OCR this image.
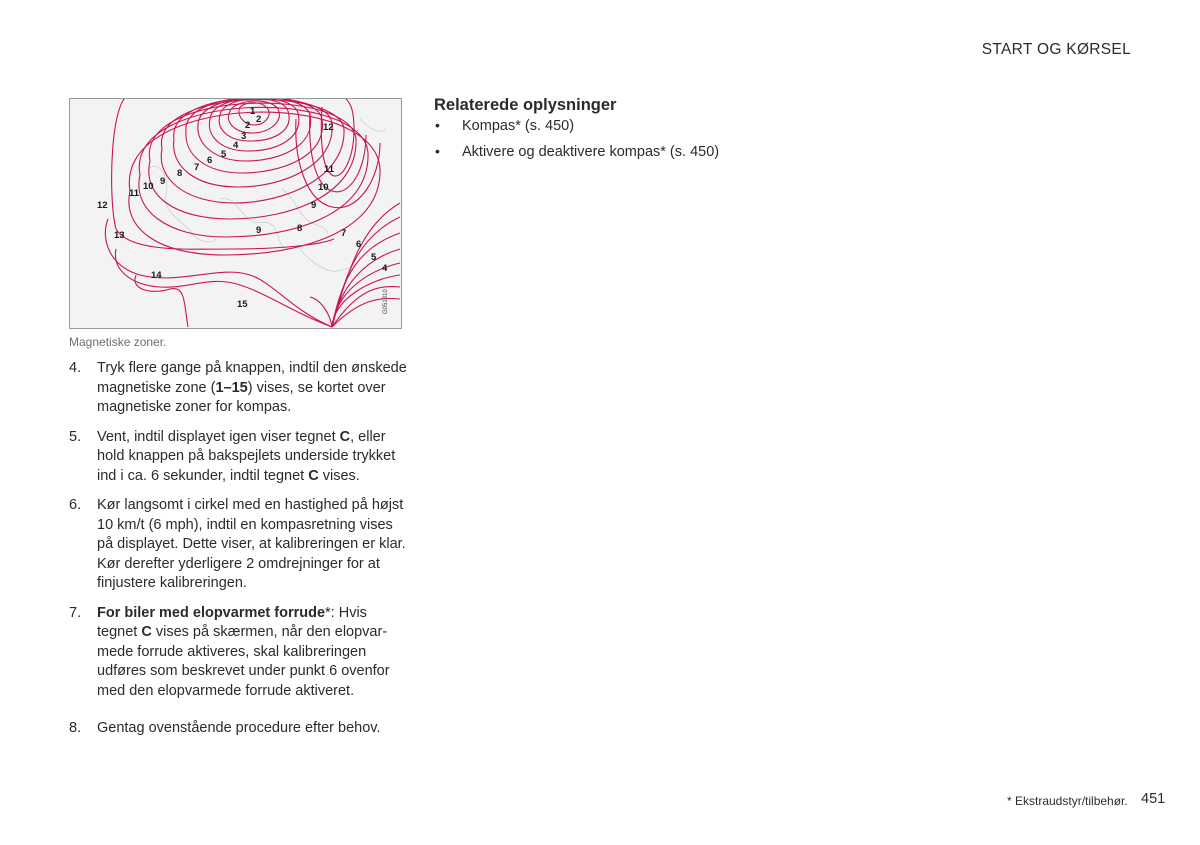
START OG KØRSEL
1
2
2
3
4
5
6
7
8
9
10
11
12
13
14
15
12
11
10
9
9	8	7
6
5
4
G051810
Magnetiske zoner.
4. Tryk flere gange på knappen, indtil den ønskede magnetiske zone (1–15) vises, se kortet over magnetiske zoner for kompas.
5. Vent, indtil displayet igen viser tegnet C, eller hold knappen på bakspejlets underside trykket ind i ca. 6 sekunder, indtil tegnet C vises.
6. Kør langsomt i cirkel med en hastighed på højst 10 km/t (6 mph), indtil en kompasretning vises på displayet. Dette viser, at kalibreringen er klar. Kør derefter yderligere 2 omdrejninger for at finjustere kalibreringen.
7. For biler med elopvarmet forrude*: Hvis tegnet C vises på skærmen, når den elopvarmede forrude aktiveres, skal kalibreringen udføres som beskrevet under punkt 6 ovenfor med den elopvarmede forrude aktiveret.
8. Gentag ovenstående procedure efter behov.
Relaterede oplysninger
• Kompas* (s. 450)
• Aktivere og deaktivere kompas* (s. 450)
* Ekstraudstyr/tilbehør. 451
